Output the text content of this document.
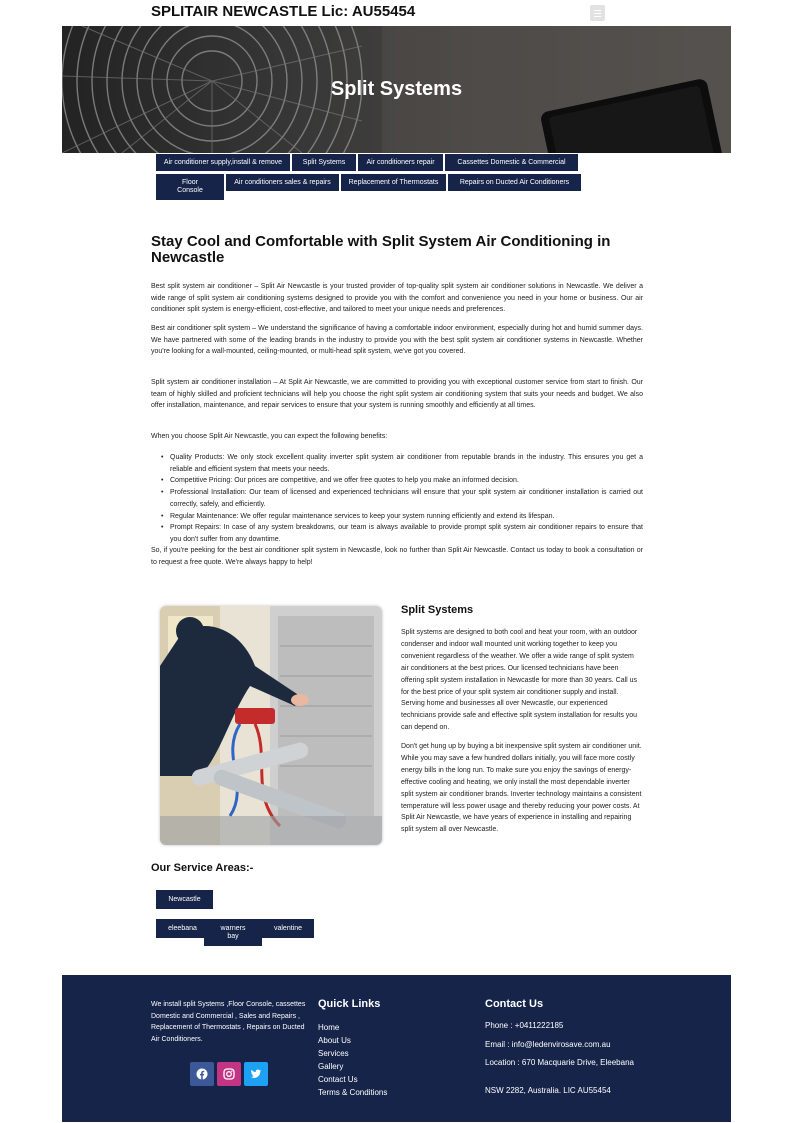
SPLITAIR NEWCASTLE Lic: AU55454
Split Systems
Air conditioner supply,install & remove	Split Systems	Air conditioners repair	Cassettes Domestic & Commercial
Floor Console
Air conditioners sales & repairs	Replacement of Thermostats	Repairs on Ducted Air Conditioners
Stay Cool and Comfortable with Split System Air Conditioning in Newcastle

Best split system air conditioner – Split Air Newcastle is your trusted provider of top-quality split system air conditioner solutions in Newcastle. We deliver a wide range of split system air conditioning systems designed to provide you with the comfort and convenience you need in your home or business. Our air conditioner split system is energy-efficient, cost-effective, and tailored to meet your unique needs and preferences.

Best air conditioner split system – We understand the significance of having a comfortable indoor environment, especially during hot and humid summer days. We have partnered with some of the leading brands in the industry to provide you with the best split system air conditioner systems in Newcastle. Whether you're looking for a wall-mounted, ceiling-mounted, or multi-head split system, we've got you covered.

Split system air conditioner installation – At Split Air Newcastle, we are committed to providing you with exceptional customer service from start to finish. Our team of highly skilled and proficient technicians will help you choose the right split system air conditioning system that suits your needs and budget. We also offer installation, maintenance, and repair services to ensure that your system is running smoothly and efficiently at all times.

When you choose Split Air Newcastle, you can expect the following benefits:

• Quality Products: We only stock excellent quality inverter split system air conditioner from reputable brands in the industry. This ensures you get a reliable and efficient system that meets your needs.
• Competitive Pricing: Our prices are competitive, and we offer free quotes to help you make an informed decision.
• Professional Installation: Our team of licensed and experienced technicians will ensure that your split system air conditioner installation is carried out correctly, safely, and efficiently.
• Regular Maintenance: We offer regular maintenance services to keep your system running efficiently and extend its lifespan.
• Prompt Repairs: In case of any system breakdowns, our team is always available to provide prompt split system air conditioner repairs to ensure that you don't suffer from any downtime.

So, if you're peeking for the best air conditioner split system in Newcastle, look no further than Split Air Newcastle. Contact us today to book a consultation or to request a free quote. We're always happy to help!

Split Systems

Split systems are designed to both cool and heat your room, with an outdoor condenser and indoor wall mounted unit working together to keep you convenient regardless of the weather. We offer a wide range of split system air conditioners at the best prices. Our licensed technicians have been offering split system installation in Newcastle for more than 30 years. Call us for the best price of your split system air conditioner supply and install. Serving home and businesses all over Newcastle, our experienced technicians provide safe and effective split system installation for results you can depend on.

Don't get hung up by buying a bit inexpensive split system air conditioner unit. While you may save a few hundred dollars initially, you will face more costly energy bills in the long run. To make sure you enjoy the savings of energy-effective cooling and heating, we only install the most dependable inverter split system air conditioner brands. Inverter technology maintains a consistent temperature will less power usage and thereby reducing your power costs. At Split Air Newcastle, we have years of experience in installing and repairing split system all over Newcastle.

Our Service Areas:-
Newcastle
eleebana	warners bay
valentine

We install split Systems ,Floor Console, cassettes Domestic and Commercial , Sales and Repairs , Replacement of Thermostats , Repairs on Ducted Air Conditioners.

Quick Links
Home
About Us
Services
Gallery
Contact Us
Terms & Conditions
Contact Us
Phone : +0411222185
Email : info@ledenvirosave.com.au
Location : 670 Macquarie Drive, Eleebana
NSW 2282, Australia. LIC AU55454
